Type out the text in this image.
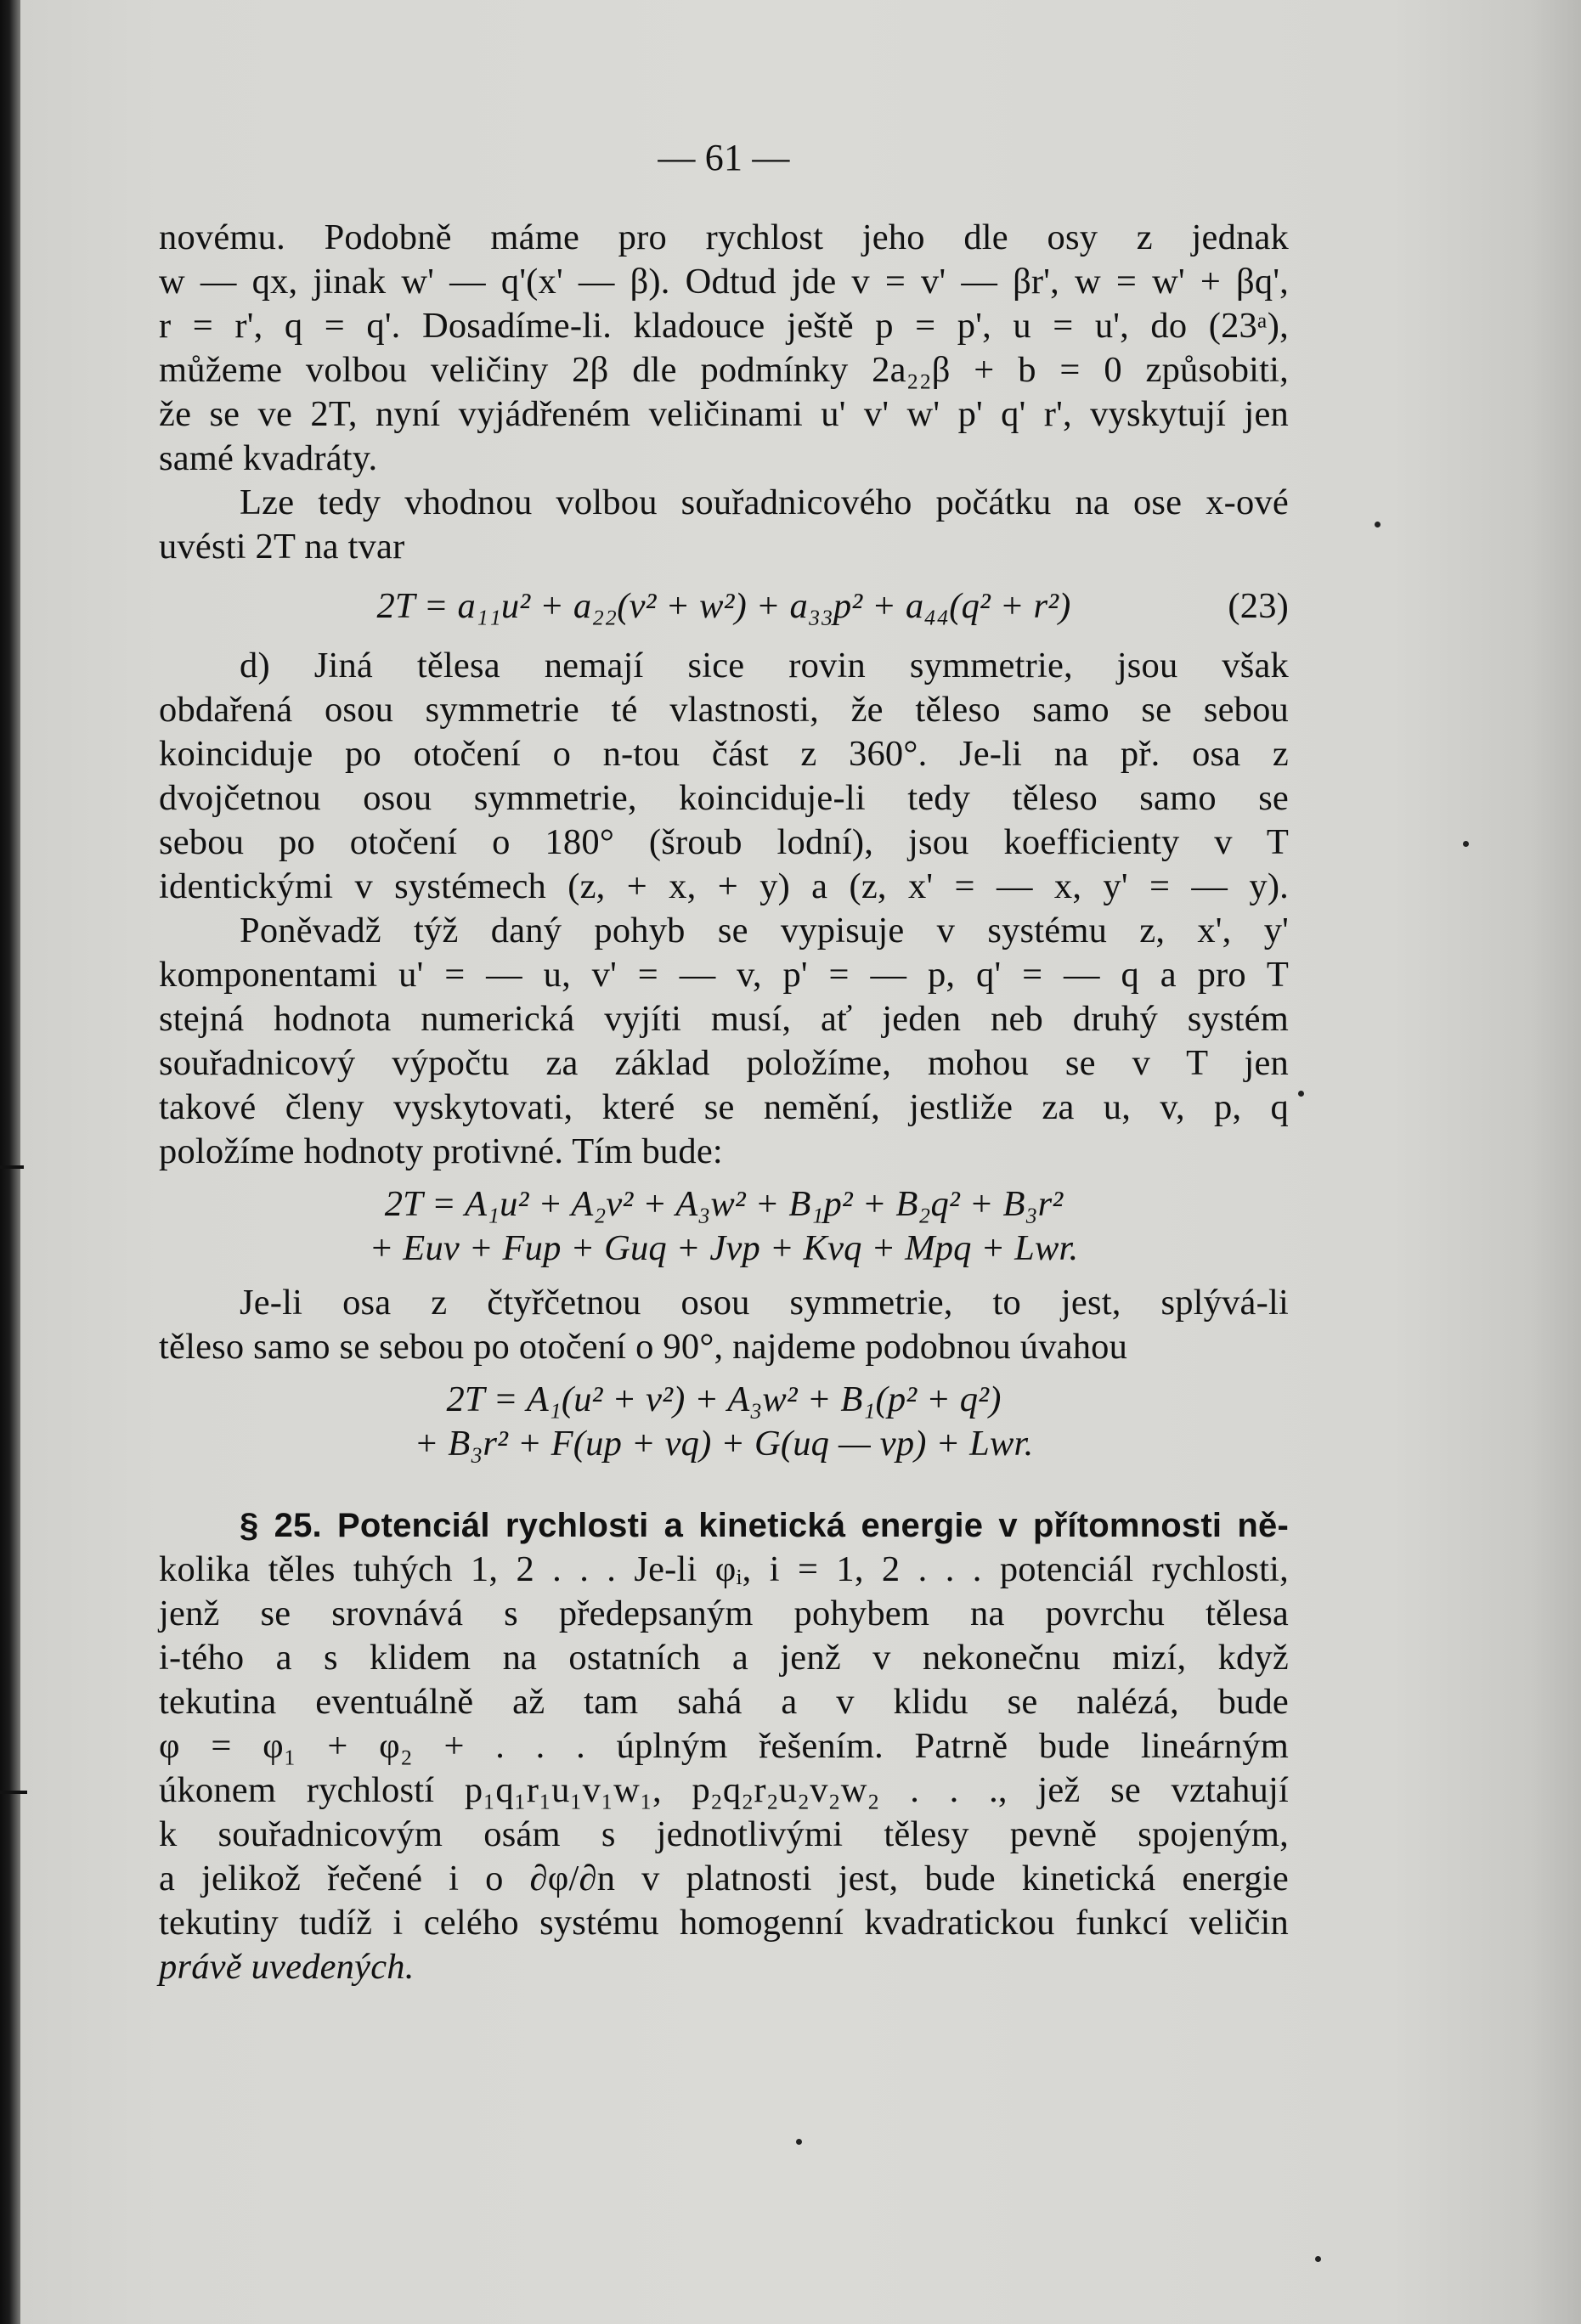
— 61 —
novému. Podobně máme pro rychlost jeho dle osy z jednak
w — qx, jinak w' — q'(x' — β). Odtud jde v = v' — βr', w = w' + βq',
r = r', q = q'. Dosadíme-li. kladouce ještě p = p', u = u', do (23ᵃ),
můžeme volbou veličiny 2β dle podmínky 2a₂₂β + b = 0 způsobiti,
že se ve 2T, nyní vyjádřeném veličinami u' v' w' p' q' r', vyskytují jen
samé kvadráty.
Lze tedy vhodnou volbou souřadnicového počátku na ose x-ové
uvésti 2T na tvar
2T = a₁₁u² + a₂₂(v² + w²) + a₃₃p² + a₄₄(q² + r²)	(23)
d) Jiná tělesa nemají sice rovin symmetrie, jsou však
obdařená osou symmetrie té vlastnosti, že těleso samo se sebou
koinciduje po otočení o n-tou část z 360°. Je-li na př. osa z
dvojčetnou osou symmetrie, koinciduje-li tedy těleso samo se
sebou po otočení o 180° (šroub lodní), jsou koefficienty v T
identickými v systémech (z, + x, + y) a (z, x' = — x, y' = — y).
Poněvadž týž daný pohyb se vypisuje v systému z, x', y'
komponentami u' = — u, v' = — v, p' = — p, q' = — q a pro T
stejná hodnota numerická vyjíti musí, ať jeden neb druhý systém
souřadnicový výpočtu za základ položíme, mohou se v T jen
takové členy vyskytovati, které se nemění, jestliže za u, v, p, q
položíme hodnoty protivné. Tím bude:
2T = A₁u² + A₂v² + A₃w² + B₁p² + B₂q² + B₃r²
+ Euv + Fup + Guq + Jvp + Kvq + Mpq + Lwr.
Je-li osa z čtyřčetnou osou symmetrie, to jest, splývá-li
těleso samo se sebou po otočení o 90°, najdeme podobnou úvahou
2T = A₁(u² + v²) + A₃w² + B₁(p² + q²)
+ B₃r² + F(up + vq) + G(uq — vp) + Lwr.
§ 25. Potenciál rychlosti a kinetická energie v přítomnosti ně-
kolika těles tuhých 1, 2 . . . Je-li φᵢ, i = 1, 2 . . . potenciál rychlosti,
jenž se srovnává s předepsaným pohybem na povrchu tělesa
i-tého a s klidem na ostatních a jenž v nekonečnu mizí, když
tekutina eventuálně až tam sahá a v klidu se nalézá, bude
φ = φ₁ + φ₂ + . . . úplným řešením. Patrně bude lineárným
úkonem rychlostí p₁q₁r₁u₁v₁w₁, p₂q₂r₂u₂v₂w₂ . . ., jež se vztahují
k souřadnicovým osám s jednotlivými tělesy pevně spojeným,
a jelikož řečené i o ∂φ/∂n v platnosti jest, bude kinetická energie
tekutiny tudíž i celého systému homogenní kvadratickou funkcí veličin
právě uvedených.
